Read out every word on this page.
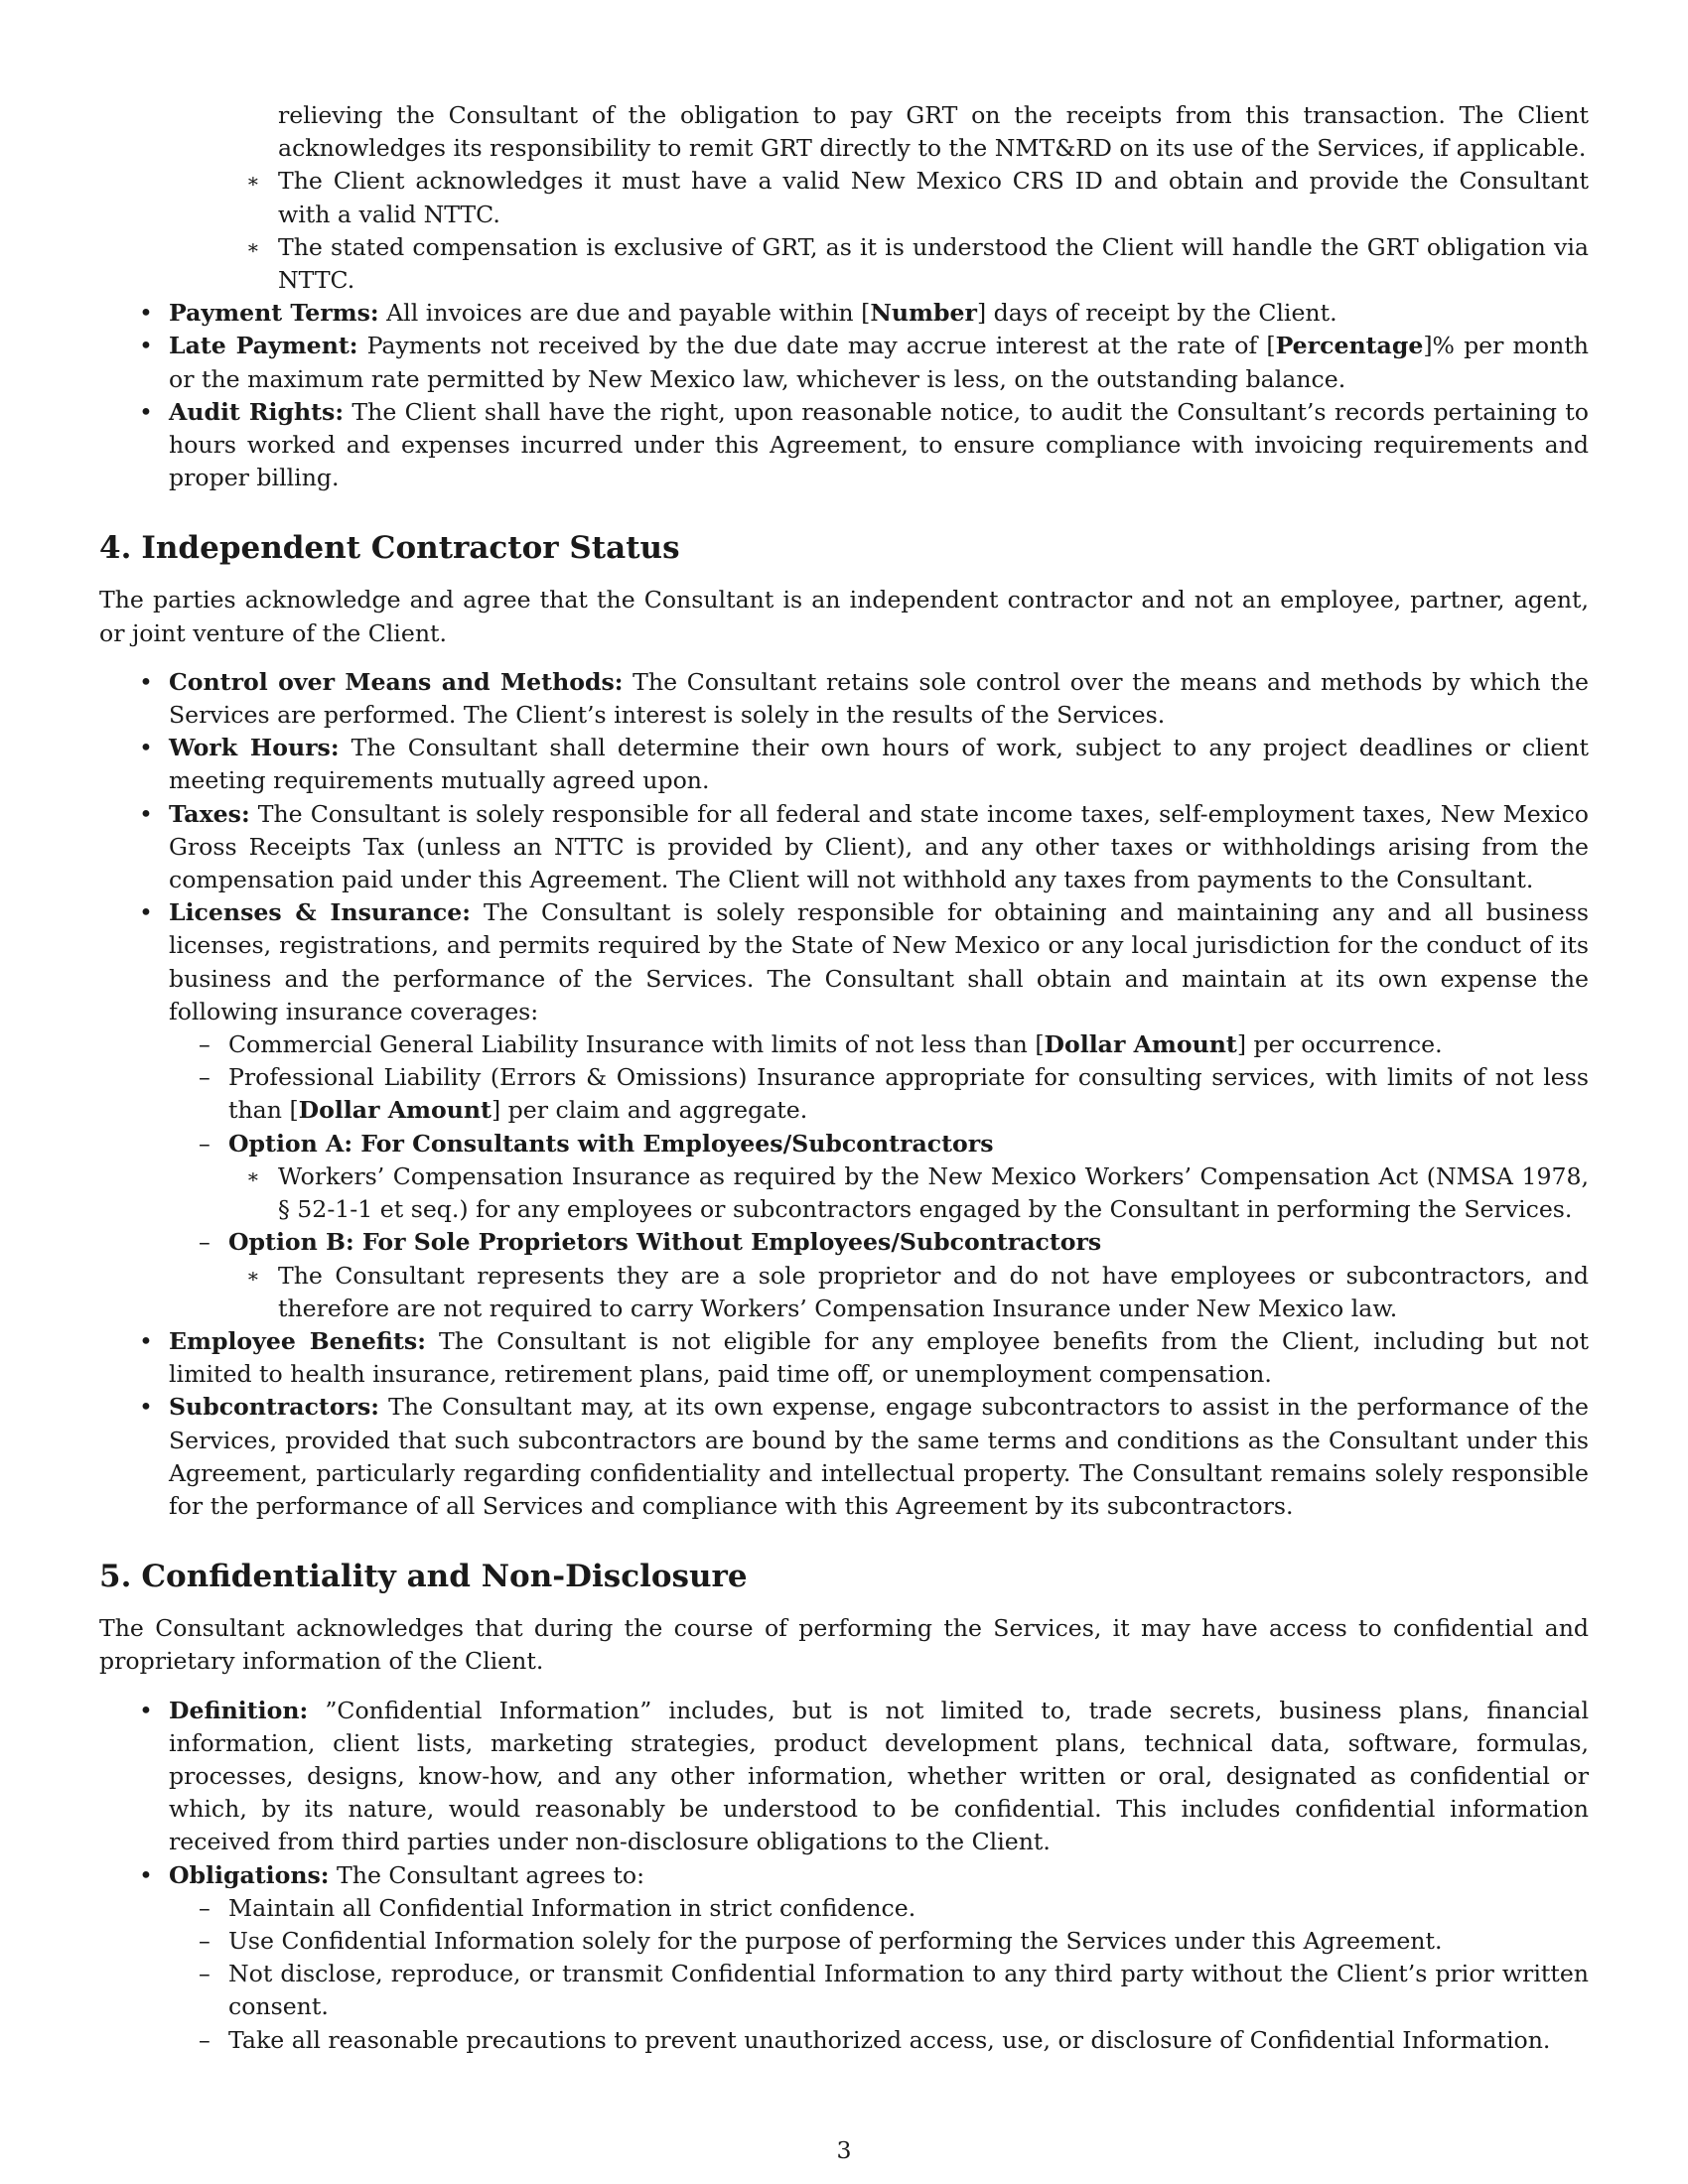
relieving the Consultant of the obligation to pay GRT on the receipts from this transaction. The Client acknowledges its responsibility to remit GRT directly to the NMT&RD on its use of the Services, if applicable.

∗ The Client acknowledges it must have a valid New Mexico CRS ID and obtain and provide the Consultant with a valid NTTC.
∗ The stated compensation is exclusive of GRT, as it is understood the Client will handle the GRT obligation via NTTC.
• Payment Terms: All invoices are due and payable within [Number] days of receipt by the Client.
• Late Payment: Payments not received by the due date may accrue interest at the rate of [Percentage]% per month or the maximum rate permitted by New Mexico law, whichever is less, on the outstanding balance.
• Audit Rights: The Client shall have the right, upon reasonable notice, to audit the Consultant’s records pertaining to hours worked and expenses incurred under this Agreement, to ensure compliance with invoicing requirements and proper billing.
4. Independent Contractor Status

The parties acknowledge and agree that the Consultant is an independent contractor and not an employee, partner, agent, or joint venture of the Client.

• Control over Means and Methods: The Consultant retains sole control over the means and methods by which the Services are performed. The Client’s interest is solely in the results of the Services.
• Work Hours: The Consultant shall determine their own hours of work, subject to any project deadlines or client meeting requirements mutually agreed upon.
• Taxes: The Consultant is solely responsible for all federal and state income taxes, self-employment taxes, New Mexico Gross Receipts Tax (unless an NTTC is provided by Client), and any other taxes or withholdings arising from the compensation paid under this Agreement. The Client will not withhold any taxes from payments to the Consultant.
• Licenses & Insurance: The Consultant is solely responsible for obtaining and maintaining any and all business licenses, registrations, and permits required by the State of New Mexico or any local jurisdiction for the conduct of its business and the performance of the Services. The Consultant shall obtain and maintain at its own expense the following insurance coverages:
– Commercial General Liability Insurance with limits of not less than [Dollar Amount] per occurrence.
– Professional Liability (Errors & Omissions) Insurance appropriate for consulting services, with limits of not less than [Dollar Amount] per claim and aggregate.
– Option A: For Consultants with Employees/Subcontractors
∗ Workers’ Compensation Insurance as required by the New Mexico Workers’ Compensation Act (NMSA 1978, § 52-1-1 et seq.) for any employees or subcontractors engaged by the Consultant in performing the Services.
– Option B: For Sole Proprietors Without Employees/Subcontractors
∗ The Consultant represents they are a sole proprietor and do not have employees or subcontractors, and therefore are not required to carry Workers’ Compensation Insurance under New Mexico law.
• Employee Benefits: The Consultant is not eligible for any employee benefits from the Client, including but not limited to health insurance, retirement plans, paid time off, or unemployment compensation.
• Subcontractors: The Consultant may, at its own expense, engage subcontractors to assist in the performance of the Services, provided that such subcontractors are bound by the same terms and conditions as the Consultant under this Agreement, particularly regarding confidentiality and intellectual property. The Consultant remains solely responsible for the performance of all Services and compliance with this Agreement by its subcontractors.
5. Confidentiality and Non-Disclosure

The Consultant acknowledges that during the course of performing the Services, it may have access to confidential and proprietary information of the Client.

• Definition: ”Confidential Information” includes, but is not limited to, trade secrets, business plans, financial information, client lists, marketing strategies, product development plans, technical data, software, formulas, processes, designs, know-how, and any other information, whether written or oral, designated as confidential or which, by its nature, would reasonably be understood to be confidential. This includes confidential information received from third parties under non-disclosure obligations to the Client.
• Obligations: The Consultant agrees to:
– Maintain all Confidential Information in strict confidence.
– Use Confidential Information solely for the purpose of performing the Services under this Agreement.
– Not disclose, reproduce, or transmit Confidential Information to any third party without the Client’s prior written consent.
– Take all reasonable precautions to prevent unauthorized access, use, or disclosure of Confidential Information.
3
